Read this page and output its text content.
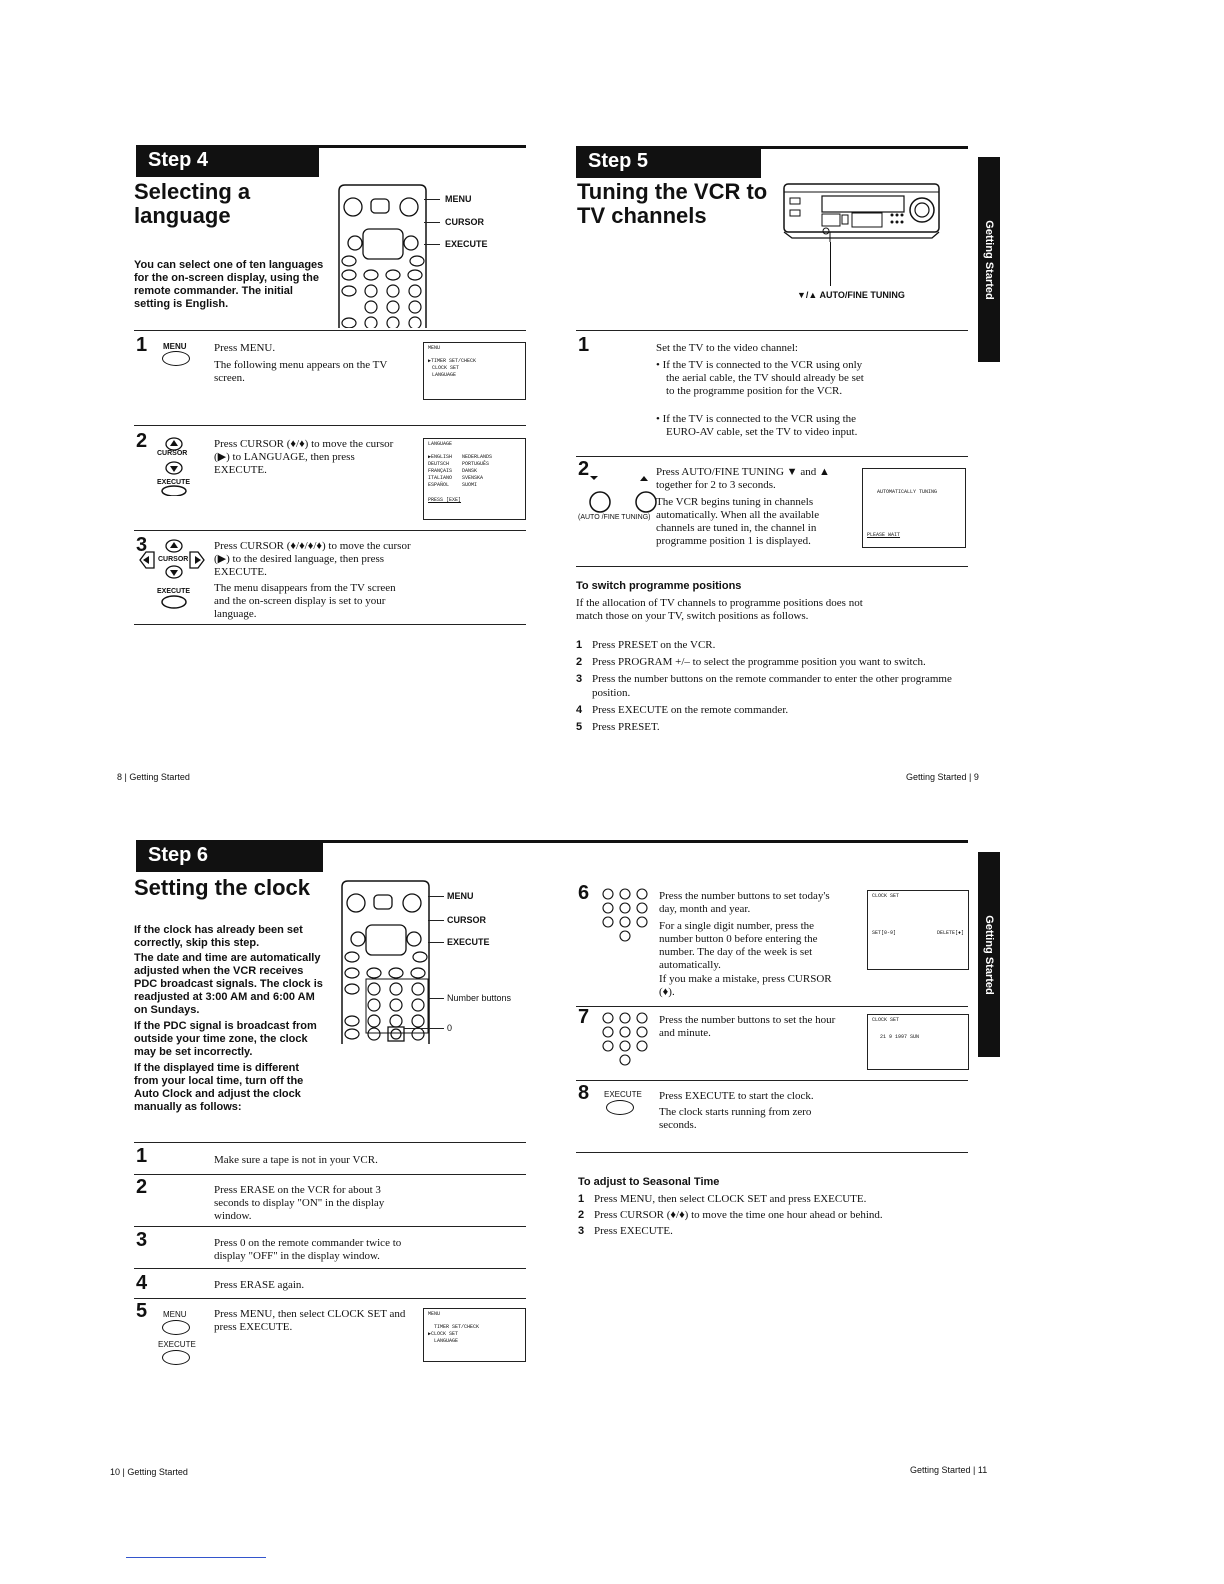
Step 4
Selecting a
language
You can select one of ten languages for the on-screen display, using the remote commander. The initial setting is English.
MENU
CURSOR
EXECUTE
1 MENU Press MENU.
The following menu appears on the TV screen.
MENU
▶TIMER SET/CHECK
CLOCK SET
LANGUAGE
2
CURSOR
EXECUTE
Press CURSOR (♦/♦) to move the cursor (▶) to LANGUAGE, then press EXECUTE.
LANGUAGE
▶ENGLISH
DEUTSCH
FRANÇAIS
ITALIANO
ESPAÑOL
NEDERLANDS
PORTUGUÊS
DANSK
SVENSKA
SUOMI
PRESS [EXE]
3
CURSOR
EXECUTE
Press CURSOR (♦/♦/♦/♦) to move the cursor (▶) to the desired language, then press EXECUTE.
The menu disappears from the TV screen and the on-screen display is set to your language.
Step 5
Tuning the VCR to
TV channels
▼/▲ AUTO/FINE TUNING	Getting Started
1	Set the TV to the video channel:
• If the TV is connected to the VCR using only the aerial cable, the TV should already be set to the programme position for the VCR.
• If the TV is connected to the VCR using the EURO-AV cable, set the TV to video input.
2
(AUTO /FINE TUNING)
Press AUTO/FINE TUNING ▼ and ▲ together for 2 to 3 seconds.
The VCR begins tuning in channels automatically. When all the available channels are tuned in, the channel in programme position 1 is displayed.
AUTOMATICALLY TUNING
PLEASE WAIT
To switch programme positions
If the allocation of TV channels to programme positions does not match those on your TV, switch positions as follows.
1 Press PRESET on the VCR.
2 Press PROGRAM +/– to select the programme position you want to switch.
3 Press the number buttons on the remote commander to enter the other programme position.
4 Press EXECUTE on the remote commander.
5 Press PRESET.
8 | Getting Started	Getting Started | 9
Step 6
Setting the clock
If the clock has already been set correctly, skip this step.
The date and time are automatically adjusted when the VCR receives PDC broadcast signals. The clock is readjusted at 3:00 AM and 6:00 AM on Sundays.
If the PDC signal is broadcast from outside your time zone, the clock may be set incorrectly.
If the displayed time is different from your local time, turn off the Auto Clock and adjust the clock manually as follows:
MENU
CURSOR
EXECUTE
Number buttons
0
1	Make sure a tape is not in your VCR.
2	Press ERASE on the VCR for about 3 seconds to display "ON" in the display window.
3	Press 0 on the remote commander twice to display "OFF" in the display window.
4	Press ERASE again.
5 MENU
EXECUTE
Press MENU, then select CLOCK SET and press EXECUTE.
MENU
TIMER SET/CHECK
▶CLOCK SET
LANGUAGE
Getting Started
6	Press the number buttons to set today's day, month and year.
For a single digit number, press the number button 0 before entering the number. The day of the week is set automatically.
If you make a mistake, press CURSOR (♦).
CLOCK SET
SET[0-9]	DELETE[♦]
7	Press the number buttons to set the hour and minute.
CLOCK SET
21 9 1997 SUN
8 EXECUTE Press EXECUTE to start the clock.
The clock starts running from zero seconds.
To adjust to Seasonal Time
1 Press MENU, then select CLOCK SET and press EXECUTE.
2 Press CURSOR (♦/♦) to move the time one hour ahead or behind.
3 Press EXECUTE.
10 | Getting Started	Getting Started | 11
